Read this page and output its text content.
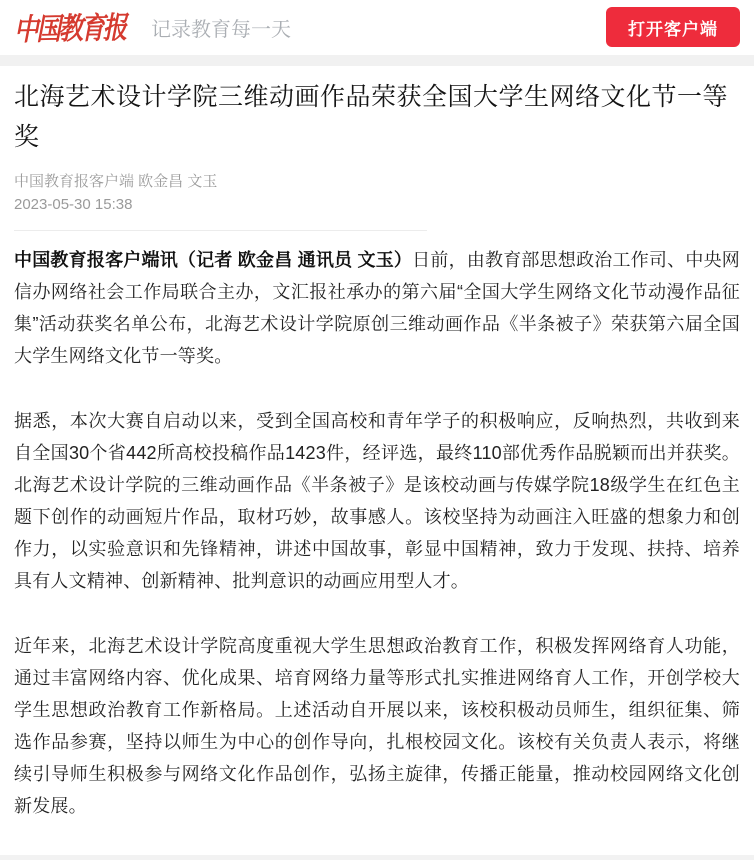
中国教育报 记录教育每一天	打开客户端
北海艺术设计学院三维动画作品荣获全国大学生网络文化节一等奖
中国教育报客户端 欧金昌 文玉
2023-05-30 15:38

中国教育报客户端讯（记者 欧金昌 通讯员 文玉）日前，由教育部思想政治工作司、中央网信办网络社会工作局联合主办，文汇报社承办的第六届“全国大学生网络文化节动漫作品征集”活动获奖名单公布，北海艺术设计学院原创三维动画作品《半条被子》荣获第六届全国大学生网络文化节一等奖。

据悉，本次大赛自启动以来，受到全国高校和青年学子的积极响应，反响热烈，共收到来自全国30个省442所高校投稿作品1423件，经评选，最终110部优秀作品脱颖而出并获奖。北海艺术设计学院的三维动画作品《半条被子》是该校动画与传媒学院18级学生在红色主题下创作的动画短片作品，取材巧妙，故事感人。该校坚持为动画注入旺盛的想象力和创作力，以实验意识和先锋精神，讲述中国故事，彰显中国精神，致力于发现、扶持、培养具有人文精神、创新精神、批判意识的动画应用型人才。

近年来，北海艺术设计学院高度重视大学生思想政治教育工作，积极发挥网络育人功能，通过丰富网络内容、优化成果、培育网络力量等形式扎实推进网络育人工作，开创学校大学生思想政治教育工作新格局。上述活动自开展以来，该校积极动员师生，组织征集、筛选作品参赛，坚持以师生为中心的创作导向，扎根校园文化。该校有关负责人表示，将继续引导师生积极参与网络文化作品创作，弘扬主旋律，传播正能量，推动校园网络文化创新发展。
